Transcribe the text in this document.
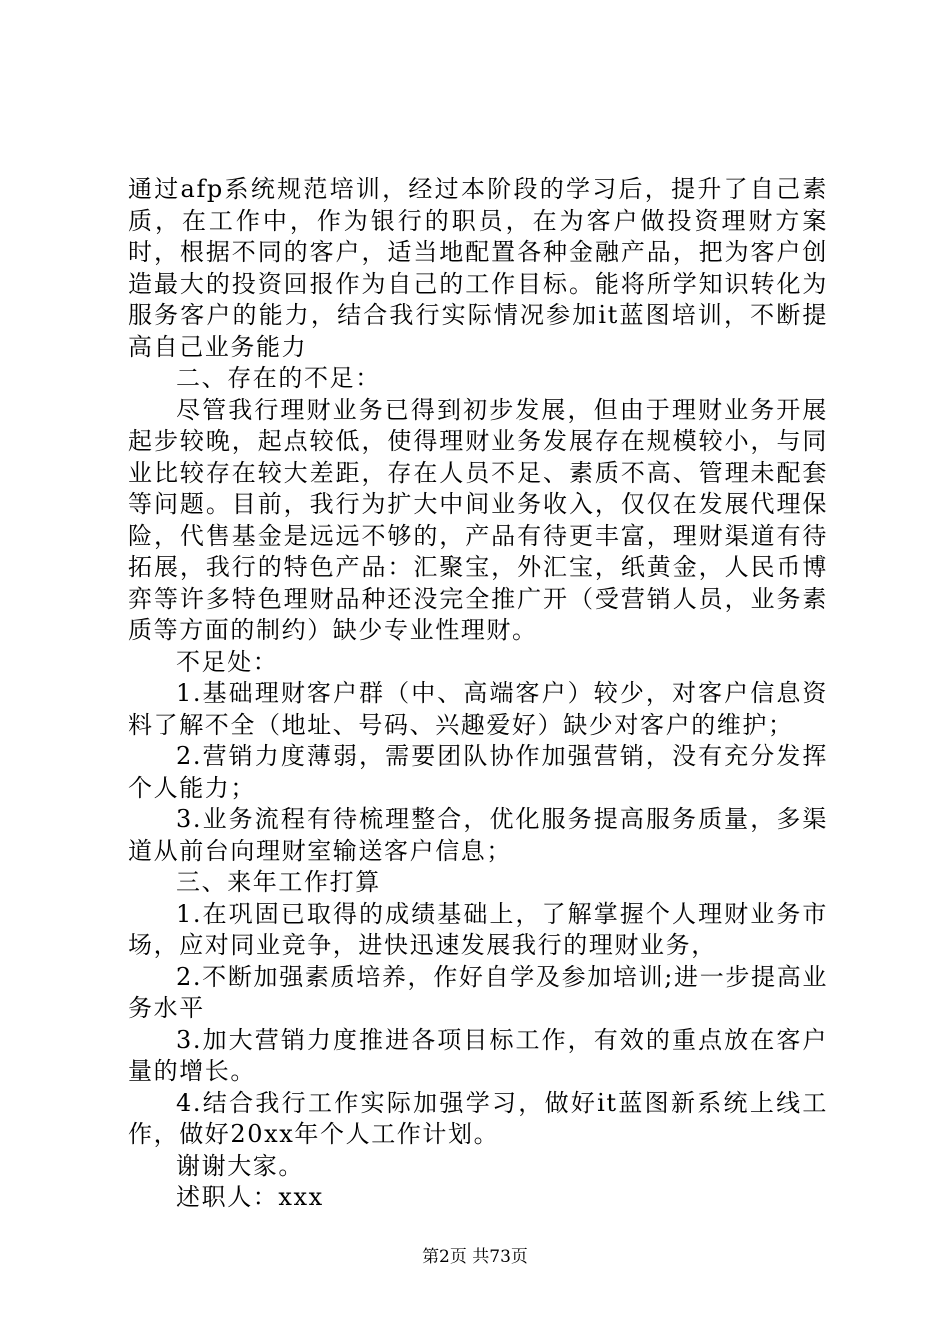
通过afp系统规范培训，经过本阶段的学习后，提升了自己素质，在工作中，作为银行的职员，在为客户做投资理财方案时，根据不同的客户，适当地配置各种金融产品，把为客户创造最大的投资回报作为自己的工作目标。能将所学知识转化为服务客户的能力，结合我行实际情况参加it蓝图培训，不断提高自己业务能力

二、存在的不足：

尽管我行理财业务已得到初步发展，但由于理财业务开展起步较晚，起点较低，使得理财业务发展存在规模较小，与同业比较存在较大差距，存在人员不足、素质不高、管理未配套等问题。目前，我行为扩大中间业务收入，仅仅在发展代理保险，代售基金是远远不够的，产品有待更丰富，理财渠道有待拓展，我行的特色产品：汇聚宝，外汇宝，纸黄金，人民币博弈等许多特色理财品种还没完全推广开（受营销人员，业务素质等方面的制约）缺少专业性理财。

不足处：

1.基础理财客户群（中、高端客户）较少，对客户信息资料了解不全（地址、号码、兴趣爱好）缺少对客户的维护；

2.营销力度薄弱，需要团队协作加强营销，没有充分发挥个人能力；

3.业务流程有待梳理整合，优化服务提高服务质量，多渠道从前台向理财室输送客户信息；

三、来年工作打算

1.在巩固已取得的成绩基础上，了解掌握个人理财业务市场，应对同业竞争，进快迅速发展我行的理财业务，

2.不断加强素质培养，作好自学及参加培训;进一步提高业务水平

3.加大营销力度推进各项目标工作，有效的重点放在客户量的增长。

4.结合我行工作实际加强学习，做好it蓝图新系统上线工作，做好20xx年个人工作计划。

谢谢大家。

述职人：xxx

第2页 共73页
